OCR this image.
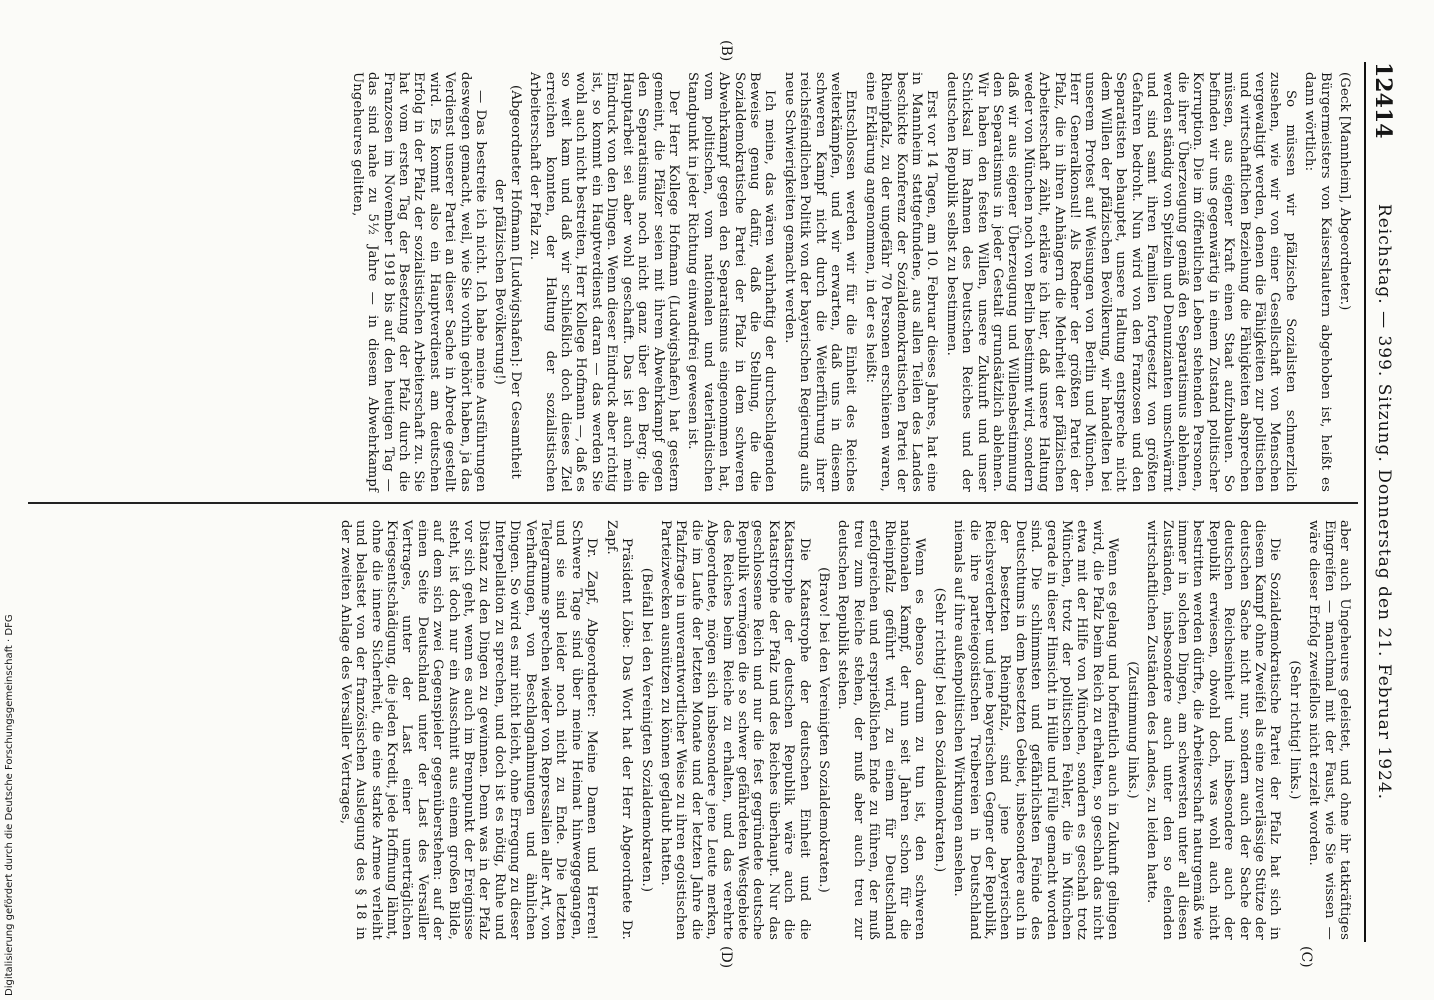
12414
Reichstag. — 399. Sitzung. Donnerstag den 21. Februar 1924.

(Geck [Mannheim], Abgeordneter.)

Bürgermeisters von Kaiserslautern abgehoben ist, heißt es dann wörtlich:

So müssen wir pfälzische Sozialisten schmerzlich zusehen, wie wir von einer Gesellschaft von Menschen vergewaltigt werden, denen die Fähigkeiten zur politischen und wirtschaftlichen Beziehung die Fähigkeiten absprechen müssen, aus eigener Kraft einen Staat aufzubauen. So befinden wir uns gegenwärtig in einem Zustand politischer Korruption. Die im öffentlichen Leben stehenden Personen, die ihrer Überzeugung gemäß den Separatismus ablehnen, werden ständig von Spitzeln und Denunzianten umschwärmt und sind samt ihren Familien fortgesetzt von größten Gefahren bedroht. Nun wird von den Franzosen und den Separatisten behauptet, unsere Haltung entspreche nicht dem Willen der pfälzischen Bevölkerung, wir handelten bei unserem Protest auf Weisungen von Berlin und München. Herr Generalkonsul! Als Redner der größten Partei der Pfalz, die in ihren Anhängern die Mehrheit der pfälzischen Arbeiterschaft zählt, erkläre ich hier, daß unsere Haltung weder von München noch von Berlin bestimmt wird, sondern daß wir aus eigener Überzeugung und Willensbestimmung den Separatismus in jeder Gestalt grundsätzlich ablehnen. Wir haben den festen Willen, unsere Zukunft und unser Schicksal im Rahmen des Deutschen Reiches und der deutschen Republik selbst zu bestimmen.

Erst vor 14 Tagen, am 10. Februar dieses Jahres, hat eine in Mannheim stattgefundene, aus allen Teilen des Landes beschickte Konferenz der Sozialdemokratischen Partei der Rheinpfalz, zu der ungefähr 70 Personen erschienen waren, eine Erklärung angenommen, in der es heißt:

Entschlossen werden wir für die Einheit des Reiches weiterkämpfen, und wir erwarten, daß uns in diesem schweren Kampf nicht durch die Weiterführung ihrer reichsfeindlichen Politik von der bayerischen Regierung aufs neue Schwierigkeiten gemacht werden.

Ich meine, das wären wahrhaftig der durchschlagenden Beweise genug dafür, daß die Stellung, die die Sozialdemokratische Partei der Pfalz in dem schweren Abwehrkampf gegen den Separatismus eingenommen hat, vom politischen, vom nationalen und vaterländischen Standpunkt in jeder Richtung einwandfrei gewesen ist.

Der Herr Kollege Hofmann (Ludwigshafen) hat gestern gemeint, die Pfälzer seien mit ihrem Abwehrkampf gegen den Separatismus noch nicht ganz über den Berg; die Hauptarbeit sei aber wohl geschafft. Das ist auch mein Eindruck von den Dingen. Wenn dieser Eindruck aber richtig ist, so kommt ein Hauptverdienst daran — das werden Sie wohl auch nicht bestreiten, Herr Kollege Hofmann —, daß es so weit kam und daß wir schließlich doch dieses Ziel erreichen konnten, der Haltung der sozialistischen Arbeiterschaft der Pfalz zu.

(Abgeordneter Hofmann [Ludwigshafen]: Der Gesamtheit der pfälzischen Bevölkerung!)

— Das bestreite ich nicht. Ich habe meine Ausführungen deswegen gemacht, weil, wie Sie vorhin gehört haben, ja das Verdienst unserer Partei an dieser Sache in Abrede gestellt wird. Es kommt also ein Hauptverdienst am deutschen Erfolg in der Pfalz der sozialistischen Arbeiterschaft zu. Sie hat vom ersten Tag der Besetzung der Pfalz durch die Franzosen im November 1918 bis auf den heutigen Tag — das sind nahe zu 5½ Jahre — in diesem Abwehrkampf Ungeheures gelitten,

(B)

aber auch Ungeheures geleistet, und ohne ihr tatkräftiges Eingreifen — manchmal mit der Faust, wie Sie wissen — wäre dieser Erfolg zweifellos nicht erzielt worden.

(Sehr richtig! links.)

Die Sozialdemokratische Partei der Pfalz hat sich in diesem Kampf ohne Zweifel als eine zuverlässige Stütze der deutschen Sache nicht nur, sondern auch der Sache der deutschen Reichseinheit und insbesondere auch der Republik erwiesen, obwohl doch, was wohl auch nicht bestritten werden dürfte, die Arbeiterschaft naturgemäß wie immer in solchen Dingen, am schwersten unter all diesen Zuständen, insbesondere auch unter den so elenden wirtschaftlichen Zuständen des Landes, zu leiden hatte.

(Zustimmung links.)

Wenn es gelang und hoffentlich auch in Zukunft gelingen wird, die Pfalz beim Reich zu erhalten, so geschah das nicht etwa mit der Hilfe von München, sondern es geschah trotz München, trotz der politischen Fehler, die in München gerade in dieser Hinsicht in Hülle und Fülle gemacht worden sind. Die schlimmsten und gefährlichsten Feinde des Deutschtums in dem besetzten Gebiet, insbesondere auch in der besetzten Rheinpfalz, sind jene bayerischen Reichsverderber und jene bayerischen Gegner der Republik, die ihre parteiegoistischen Treibereien in Deutschland niemals auf ihre außenpolitischen Wirkungen ansehen.

(Sehr richtig! bei den Sozialdemokraten.)

Wenn es ebenso darum zu tun ist, den schweren nationalen Kampf, der nun seit Jahren schon für die Rheinpfalz geführt wird, zu einem für Deutschland erfolgreichen und ersprießlichen Ende zu führen, der muß treu zum Reiche stehen, der muß aber auch treu zur deutschen Republik stehen.

(Bravo! bei den Vereinigten Sozialdemokraten.)

Die Katastrophe der deutschen Einheit und die Katastrophe der deutschen Republik wäre auch die Katastrophe der Pfalz und des Reiches überhaupt. Nur das geschlossene Reich und nur die fest gegründete deutsche Republik vermögen die so schwer gefährdeten Westgebiete des Reiches beim Reiche zu erhalten, und das verehrte Abgeordnete, mögen sich insbesondere jene Leute merken, die im Laufe der letzten Monate und der letzten Jahre die Pfalzfrage in unverantwortlicher Weise zu ihren egoistischen Parteizwecken ausnützen zu können geglaubt hatten.

(Beifall bei den Vereinigten Sozialdemokraten.)

Präsident Löbe: Das Wort hat der Herr Abgeordnete Dr. Zapf.

Dr. Zapf, Abgeordneter: Meine Damen und Herren! Schwere Tage sind über meine Heimat hinweggegangen, und sie sind leider noch nicht zu Ende. Die letzten Telegramme sprechen wieder von Repressalien aller Art, von Verhaftungen, von Beschlagnahmungen und ähnlichen Dingen. So wird es mir nicht leicht, ohne Erregung zu dieser Interpellation zu sprechen, und doch ist es nötig, Ruhe und Distanz zu den Dingen zu gewinnen. Denn was in der Pfalz vor sich geht, wenn es auch im Brennpunkt der Ereignisse steht, ist doch nur ein Ausschnitt aus einem großen Bilde, auf dem sich zwei Gegenspieler gegenüberstehen: auf der einen Seite Deutschland unter der Last des Versailler Vertrages, unter der Last einer unerträglichen Kriegsentschädigung, die jeden Kredit, jede Hoffnung lähmt, ohne die innere Sicherheit, die eine starke Armee verleiht und belastet von der französischen Auslegung des § 18 in der zweiten Anlage des Versailler Vertrages,

(C)
(D)
Digitalisierung gefördert durch die Deutsche Forschungsgemeinschaft · DFG
